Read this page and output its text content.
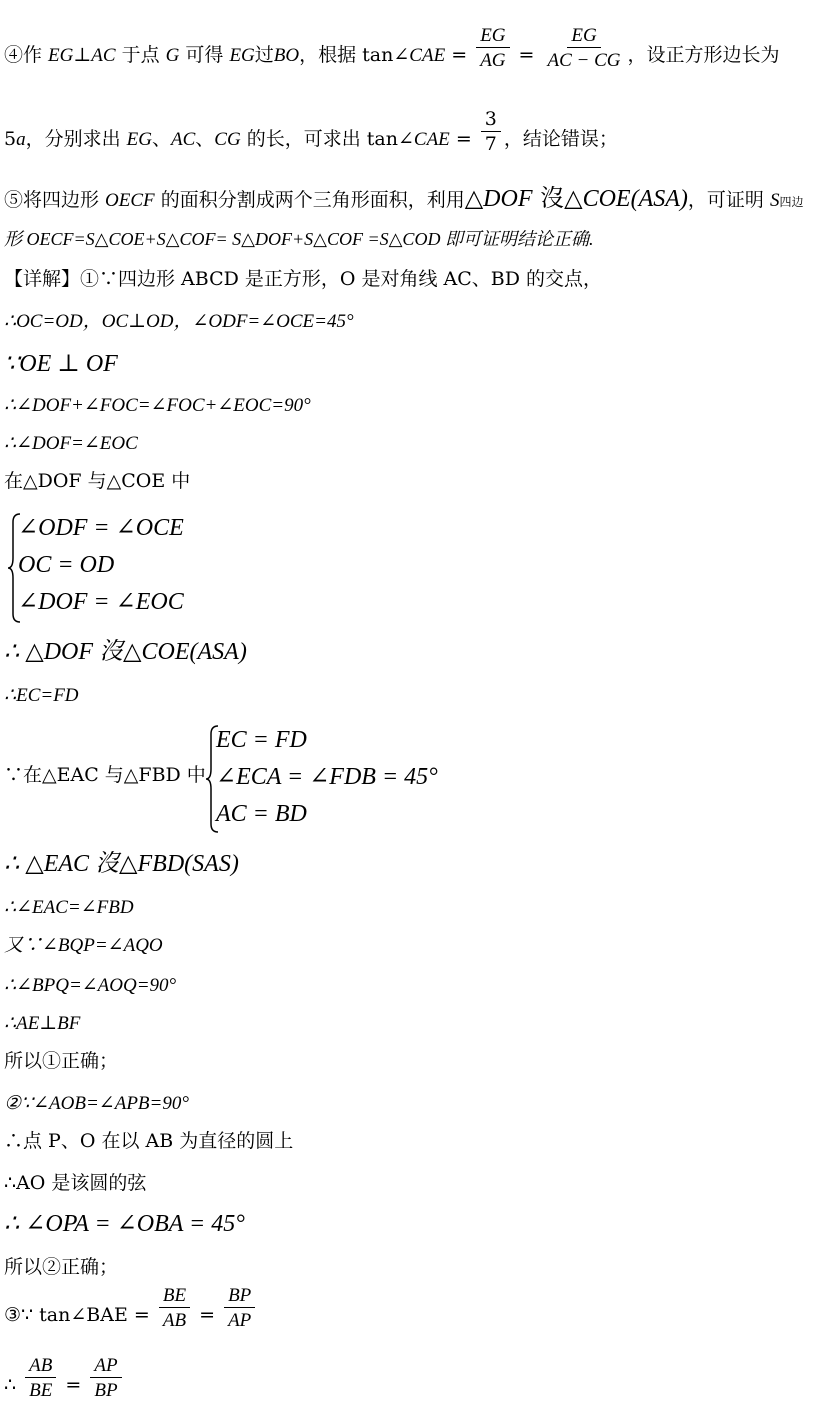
④作 EG⊥AC 于点 G 可得 EG过BO，根据 tan∠CAE = $\frac{EG}{AG} = \frac{EG}{AC - CG}$ ，设正方形边长为
5a，分别求出 EG、AC、CG 的长，可求出 tan∠CAE = $\frac{3}{7}$ ，结论错误；
⑤将四边形 OECF 的面积分割成两个三角形面积，利用△DOF 沒△COE(ASA)，可证明 S四边
形 OECF=S△COE+S△COF= S△DOF+S△COF =S△COD 即可证明结论正确.
【详解】①∵四边形 ABCD 是正方形，O 是对角线 AC、BD 的交点，
∴OC=OD，OC⊥OD，∠ODF=∠OCE=45°
∵OE ⊥ OF
∴∠DOF+∠FOC=∠FOC+∠EOC=90°
∴∠DOF=∠EOC
在△DOF 与△COE 中
∠ODF = ∠OCE
OC = OD
∠DOF = ∠EOC
∴ △DOF 沒△COE(ASA)
∴EC=FD
∵在△EAC 与△FBD 中
EC = FD
∠ECA = ∠FDB = 45°
AC = BD
∴ △EAC 沒△FBD(SAS)
∴∠EAC=∠FBD
又∵∠BQP=∠AQO
∴∠BPQ=∠AOQ=90°
∴AE⊥BF
所以①正确；
②∵∠AOB=∠APB=90°
∴点 P、O 在以 AB 为直径的圆上
∴AO 是该圆的弦
∴ ∠OPA = ∠OBA = 45°
所以②正确；
③∵ tan∠BAE = $\frac{BE}{AB} = \frac{BP}{AP}$
∴ $\frac{AB}{BE} = \frac{AP}{BP}$
